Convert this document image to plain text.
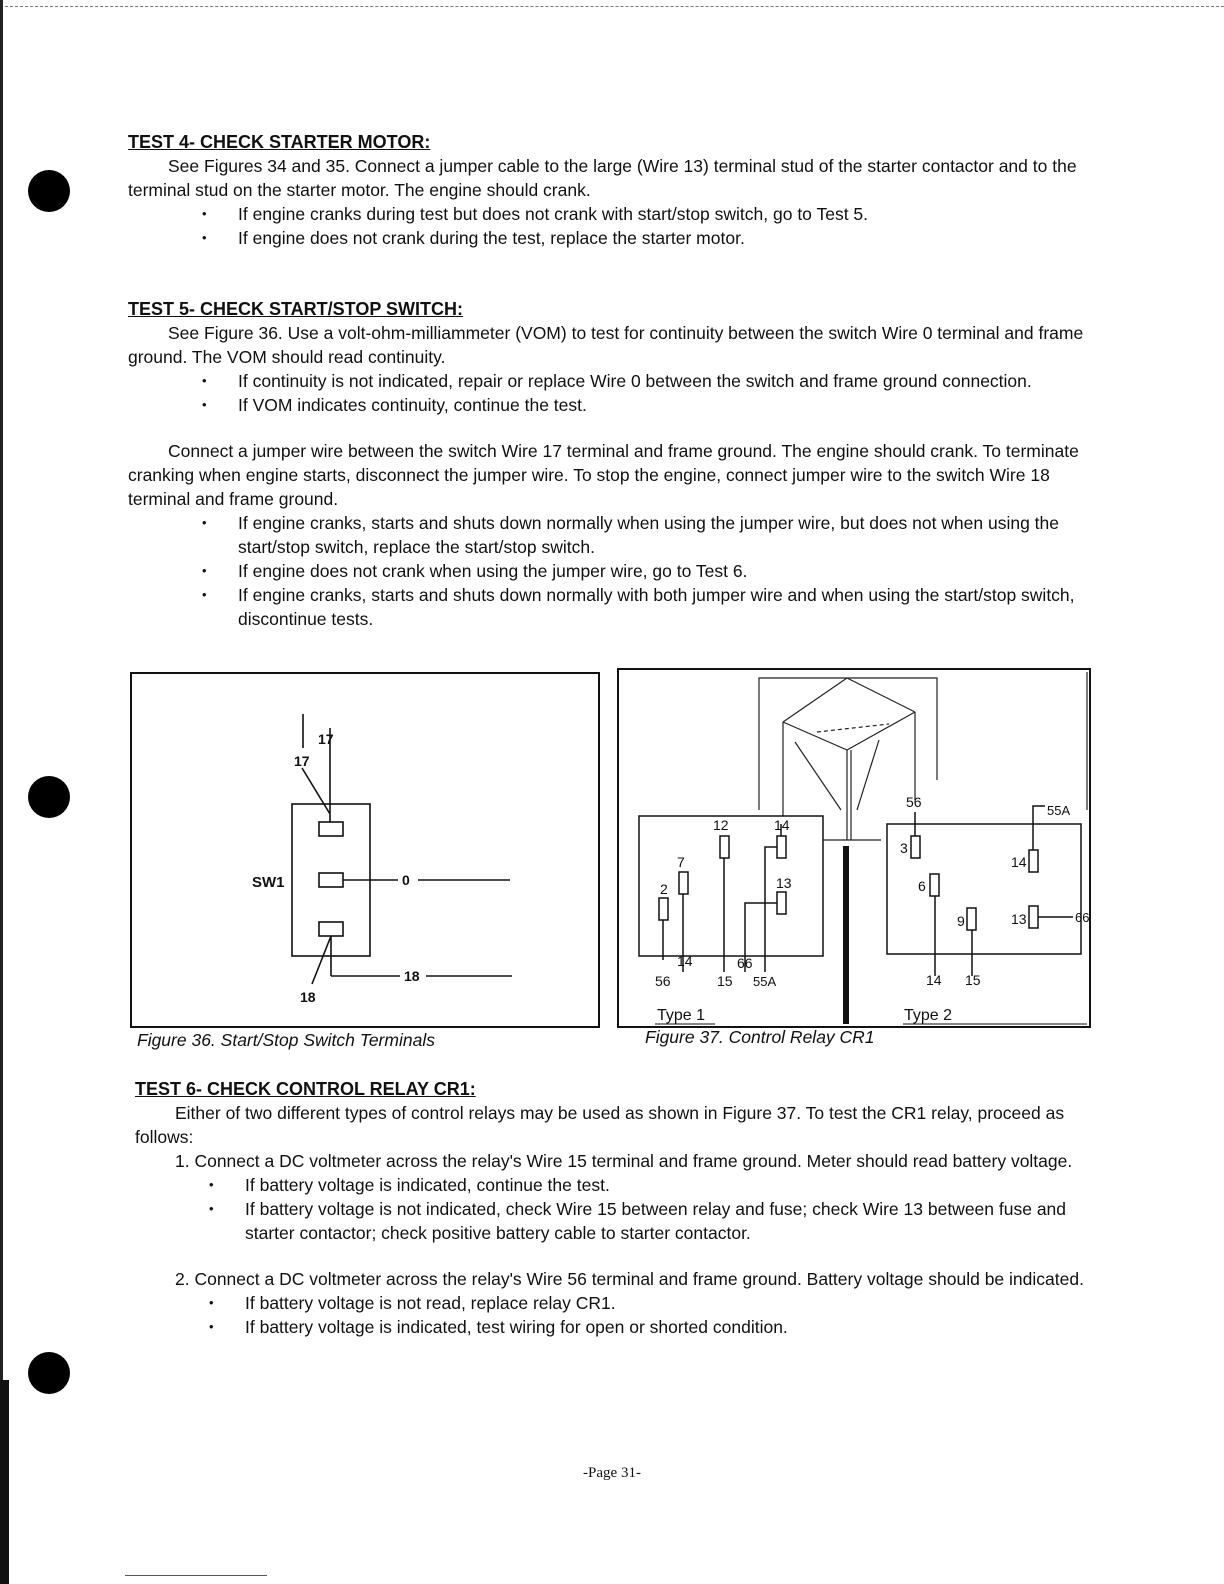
TEST 4- CHECK STARTER MOTOR:

See Figures 34 and 35. Connect a jumper cable to the large (Wire 13) terminal stud of the starter contactor and to the terminal stud on the starter motor. The engine should crank.

• If engine cranks during test but does not crank with start/stop switch, go to Test 5.
• If engine does not crank during the test, replace the starter motor.
TEST 5- CHECK START/STOP SWITCH:

See Figure 36. Use a volt-ohm-milliammeter (VOM) to test for continuity between the switch Wire 0 terminal and frame ground. The VOM should read continuity.

• If continuity is not indicated, repair or replace Wire 0 between the switch and frame ground connection.
• If VOM indicates continuity, continue the test.

Connect a jumper wire between the switch Wire 17 terminal and frame ground. The engine should crank. To terminate cranking when engine starts, disconnect the jumper wire. To stop the engine, connect jumper wire to the switch Wire 18 terminal and frame ground.

• If engine cranks, starts and shuts down normally when using the jumper wire, but does not when using the start/stop switch, replace the start/stop switch.
• If engine does not crank when using the jumper wire, go to Test 6.
• If engine cranks, starts and shuts down normally with both jumper wire and when using the start/stop switch, discontinue tests.
17
17
SW1	0
18
18
Figure 36. Start/Stop Switch Terminals
12	14
7
2	13
14	66
56	15 55A
Type 1
56
55A
3
14
6
9	13	66
14 15
Type 2
Figure 37. Control Relay CR1
TEST 6- CHECK CONTROL RELAY CR1:

Either of two different types of control relays may be used as shown in Figure 37. To test the CR1 relay, proceed as follows:

1. Connect a DC voltmeter across the relay's Wire 15 terminal and frame ground. Meter should read battery voltage.

• If battery voltage is indicated, continue the test.
• If battery voltage is not indicated, check Wire 15 between relay and fuse; check Wire 13 between fuse and starter contactor; check positive battery cable to starter contactor.

2. Connect a DC voltmeter across the relay's Wire 56 terminal and frame ground. Battery voltage should be indicated.

• If battery voltage is not read, replace relay CR1.
• If battery voltage is indicated, test wiring for open or shorted condition.
-Page 31-
